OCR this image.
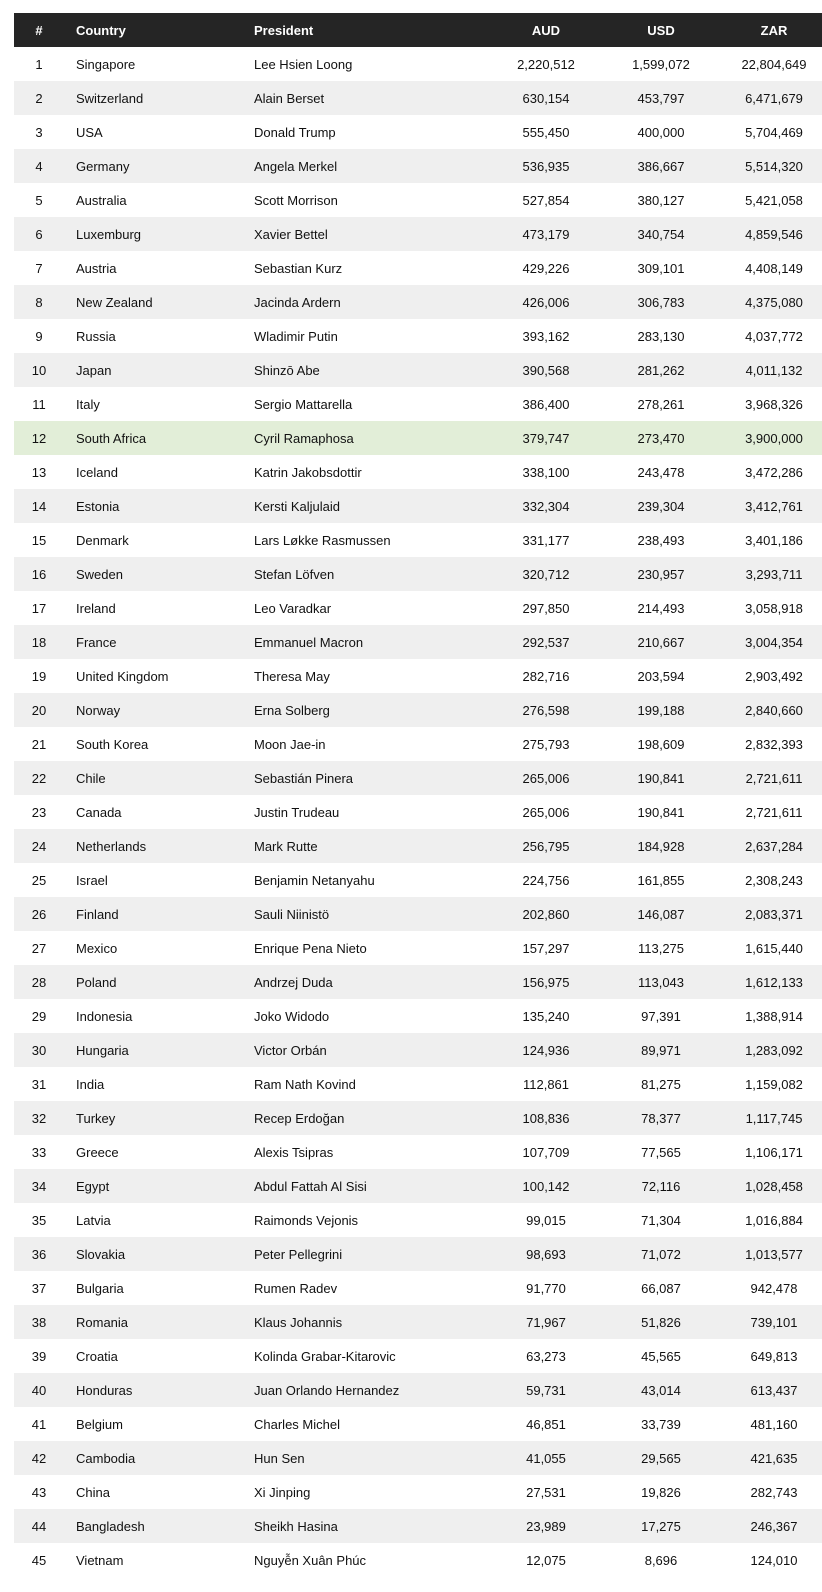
#	Country	President	AUD	USD	ZAR
1	Singapore	Lee Hsien Loong	2,220,512	1,599,072	22,804,649
2	Switzerland	Alain Berset	630,154	453,797	6,471,679
3	USA	Donald Trump	555,450	400,000	5,704,469
4	Germany	Angela Merkel	536,935	386,667	5,514,320
5	Australia	Scott Morrison	527,854	380,127	5,421,058
6	Luxemburg	Xavier Bettel	473,179	340,754	4,859,546
7	Austria	Sebastian Kurz	429,226	309,101	4,408,149
8	New Zealand	Jacinda Ardern	426,006	306,783	4,375,080
9	Russia	Wladimir Putin	393,162	283,130	4,037,772
10	Japan	Shinzō Abe	390,568	281,262	4,011,132
11	Italy	Sergio Mattarella	386,400	278,261	3,968,326
12	South Africa	Cyril Ramaphosa	379,747	273,470	3,900,000
13	Iceland	Katrin Jakobsdottir	338,100	243,478	3,472,286
14	Estonia	Kersti Kaljulaid	332,304	239,304	3,412,761
15	Denmark	Lars Løkke Rasmussen	331,177	238,493	3,401,186
16	Sweden	Stefan Löfven	320,712	230,957	3,293,711
17	Ireland	Leo Varadkar	297,850	214,493	3,058,918
18	France	Emmanuel Macron	292,537	210,667	3,004,354
19	United Kingdom	Theresa May	282,716	203,594	2,903,492
20	Norway	Erna Solberg	276,598	199,188	2,840,660
21	South Korea	Moon Jae-in	275,793	198,609	2,832,393
22	Chile	Sebastián Pinera	265,006	190,841	2,721,611
23	Canada	Justin Trudeau	265,006	190,841	2,721,611
24	Netherlands	Mark Rutte	256,795	184,928	2,637,284
25	Israel	Benjamin Netanyahu	224,756	161,855	2,308,243
26	Finland	Sauli Niinistö	202,860	146,087	2,083,371
27	Mexico	Enrique Pena Nieto	157,297	113,275	1,615,440
28	Poland	Andrzej Duda	156,975	113,043	1,612,133
29	Indonesia	Joko Widodo	135,240	97,391	1,388,914
30	Hungaria	Victor Orbán	124,936	89,971	1,283,092
31	India	Ram Nath Kovind	112,861	81,275	1,159,082
32	Turkey	Recep Erdoğan	108,836	78,377	1,117,745
33	Greece	Alexis Tsipras	107,709	77,565	1,106,171
34	Egypt	Abdul Fattah Al Sisi	100,142	72,116	1,028,458
35	Latvia	Raimonds Vejonis	99,015	71,304	1,016,884
36	Slovakia	Peter Pellegrini	98,693	71,072	1,013,577
37	Bulgaria	Rumen Radev	91,770	66,087	942,478
38	Romania	Klaus Johannis	71,967	51,826	739,101
39	Croatia	Kolinda Grabar-Kitarovic	63,273	45,565	649,813
40	Honduras	Juan Orlando Hernandez	59,731	43,014	613,437
41	Belgium	Charles Michel	46,851	33,739	481,160
42	Cambodia	Hun Sen	41,055	29,565	421,635
43	China	Xi Jinping	27,531	19,826	282,743
44	Bangladesh	Sheikh Hasina	23,989	17,275	246,367
45	Vietnam	Nguyễn Xuân Phúc	12,075	8,696	124,010
